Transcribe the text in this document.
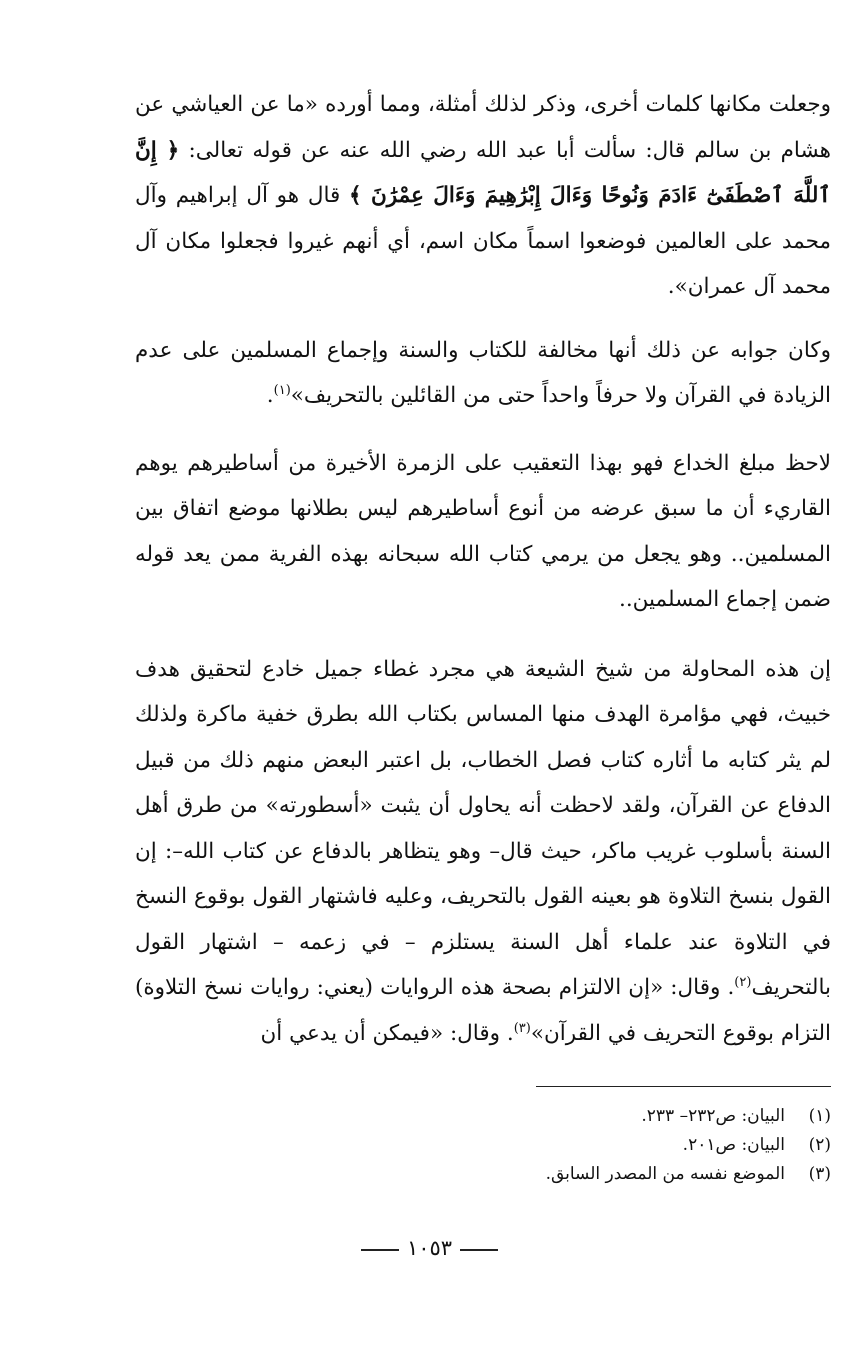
وجعلت مكانها كلمات أخرى، وذكر لذلك أمثلة، ومما أورده «ما عن العياشي عن هشام بن سالم قال: سألت أبا عبد الله رضي الله عنه عن قوله تعالى: ﴿ إِنَّ ٱللَّهَ ٱصْطَفَىٰٓ ءَادَمَ وَنُوحًا وَءَالَ إِبْرَٰهِيمَ وَءَالَ عِمْرَٰنَ ﴾ قال هو آل إبراهيم وآل محمد على العالمين فوضعوا اسماً مكان اسم، أي أنهم غيروا فجعلوا مكان آل محمد آل عمران».

وكان جوابه عن ذلك أنها مخالفة للكتاب والسنة وإجماع المسلمين على عدم الزيادة في القرآن ولا حرفاً واحداً حتى من القائلين بالتحريف»$^{(١)}$.

لاحظ مبلغ الخداع فهو بهذا التعقيب على الزمرة الأخيرة من أساطيرهم يوهم القاريء أن ما سبق عرضه من أنوع أساطيرهم ليس بطلانها موضع اتفاق بين المسلمين.. وهو يجعل من يرمي كتاب الله سبحانه بهذه الفرية ممن يعد قوله ضمن إجماع المسلمين..

إن هذه المحاولة من شيخ الشيعة هي مجرد غطاء جميل خادع لتحقيق هدف خبيث، فهي مؤامرة الهدف منها المساس بكتاب الله بطرق خفية ماكرة ولذلك لم يثر كتابه ما أثاره كتاب فصل الخطاب، بل اعتبر البعض منهم ذلك من قبيل الدفاع عن القرآن، ولقد لاحظت أنه يحاول أن يثبت «أسطورته» من طرق أهل السنة بأسلوب غريب ماكر، حيث قال– وهو يتظاهر بالدفاع عن كتاب الله–: إن القول بنسخ التلاوة هو بعينه القول بالتحريف، وعليه فاشتهار القول بوقوع النسخ في التلاوة عند علماء أهل السنة يستلزم – في زعمه – اشتهار القول بالتحريف$^{(٢)}$. وقال: «إن الالتزام بصحة هذه الروايات (يعني: روايات نسخ التلاوة) التزام بوقوع التحريف في القرآن»$^{(٣)}$. وقال: «فيمكن أن يدعي أن

(١)البيان: ص٢٣٢– ٢٣٣.
(٢)البيان: ص٢٠١.
(٣)الموضع نفسه من المصدر السابق.
١٠٥٣
